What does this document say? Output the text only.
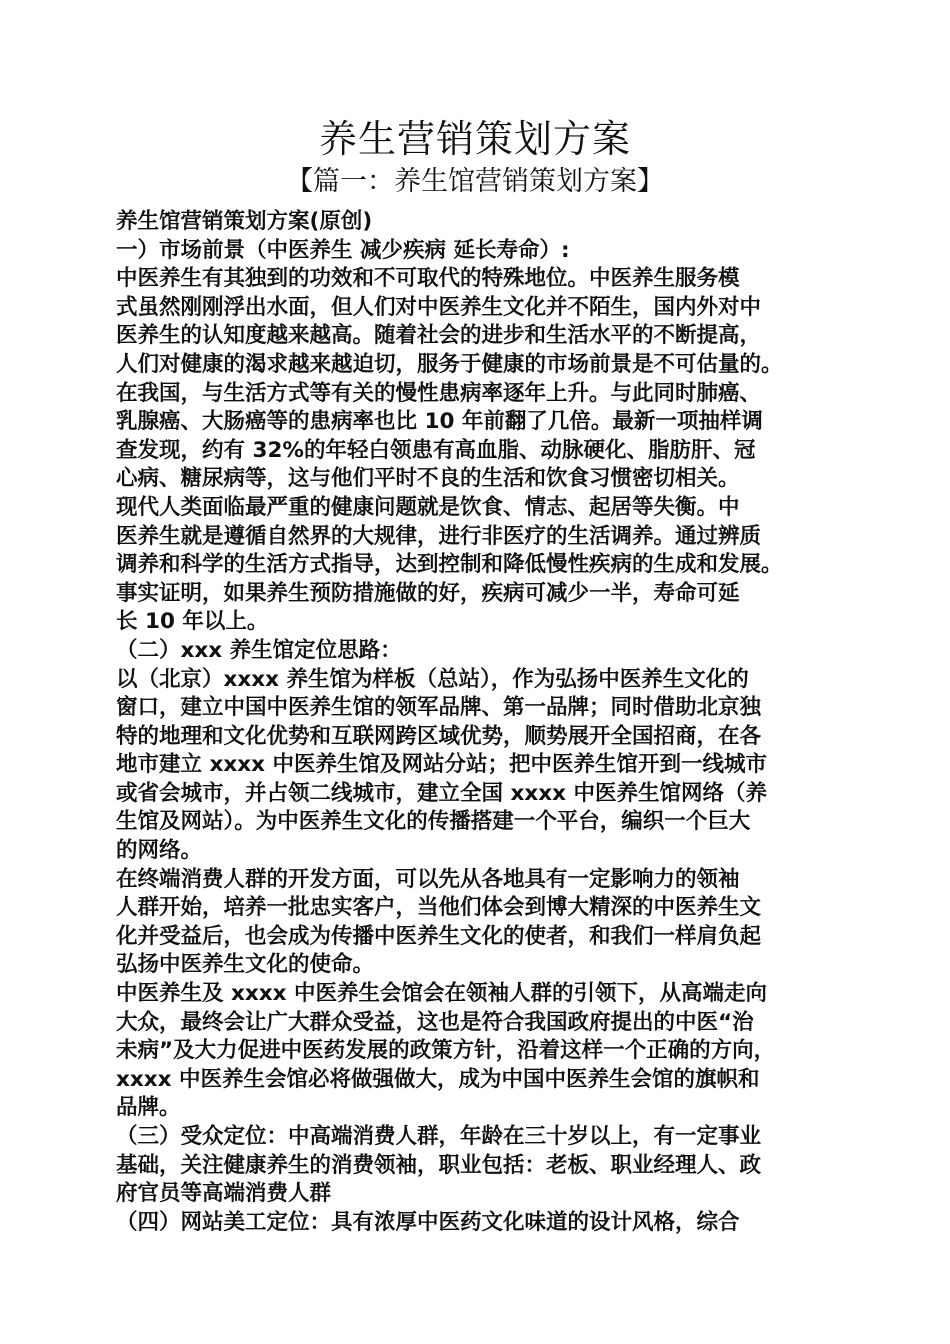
养生营销策划方案
【篇一：养生馆营销策划方案】
养生馆营销策划方案(原创)
一）市场前景（中医养生 减少疾病 延长寿命）:
中医养生有其独到的功效和不可取代的特殊地位。中医养生服务模
式虽然刚刚浮出水面，但人们对中医养生文化并不陌生，国内外对中
医养生的认知度越来越高。随着社会的进步和生活水平的不断提高，
人们对健康的渴求越来越迫切，服务于健康的市场前景是不可估量的。
在我国，与生活方式等有关的慢性患病率逐年上升。与此同时肺癌、
乳腺癌、大肠癌等的患病率也比 10 年前翻了几倍。最新一项抽样调
查发现，约有 32%的年轻白领患有高血脂、动脉硬化、脂肪肝、冠
心病、糖尿病等，这与他们平时不良的生活和饮食习惯密切相关。
现代人类面临最严重的健康问题就是饮食、情志、起居等失衡。中
医养生就是遵循自然界的大规律，进行非医疗的生活调养。通过辨质
调养和科学的生活方式指导，达到控制和降低慢性疾病的生成和发展。
事实证明，如果养生预防措施做的好，疾病可减少一半，寿命可延
长 10 年以上。
（二）xxx 养生馆定位思路：
以（北京）xxxx 养生馆为样板（总站），作为弘扬中医养生文化的
窗口，建立中国中医养生馆的领军品牌、第一品牌；同时借助北京独
特的地理和文化优势和互联网跨区域优势，顺势展开全国招商，在各
地市建立 xxxx 中医养生馆及网站分站；把中医养生馆开到一线城市
或省会城市，并占领二线城市，建立全国 xxxx 中医养生馆网络（养
生馆及网站）。为中医养生文化的传播搭建一个平台，编织一个巨大
的网络。
在终端消费人群的开发方面，可以先从各地具有一定影响力的领袖
人群开始，培养一批忠实客户，当他们体会到博大精深的中医养生文
化并受益后，也会成为传播中医养生文化的使者，和我们一样肩负起
弘扬中医养生文化的使命。
中医养生及 xxxx 中医养生会馆会在领袖人群的引领下，从高端走向
大众，最终会让广大群众受益，这也是符合我国政府提出的中医“治
未病”及大力促进中医药发展的政策方针，沿着这样一个正确的方向，
xxxx 中医养生会馆必将做强做大，成为中国中医养生会馆的旗帜和
品牌。
（三）受众定位：中高端消费人群，年龄在三十岁以上，有一定事业
基础，关注健康养生的消费领袖，职业包括：老板、职业经理人、政
府官员等高端消费人群
（四）网站美工定位：具有浓厚中医药文化味道的设计风格，综合
